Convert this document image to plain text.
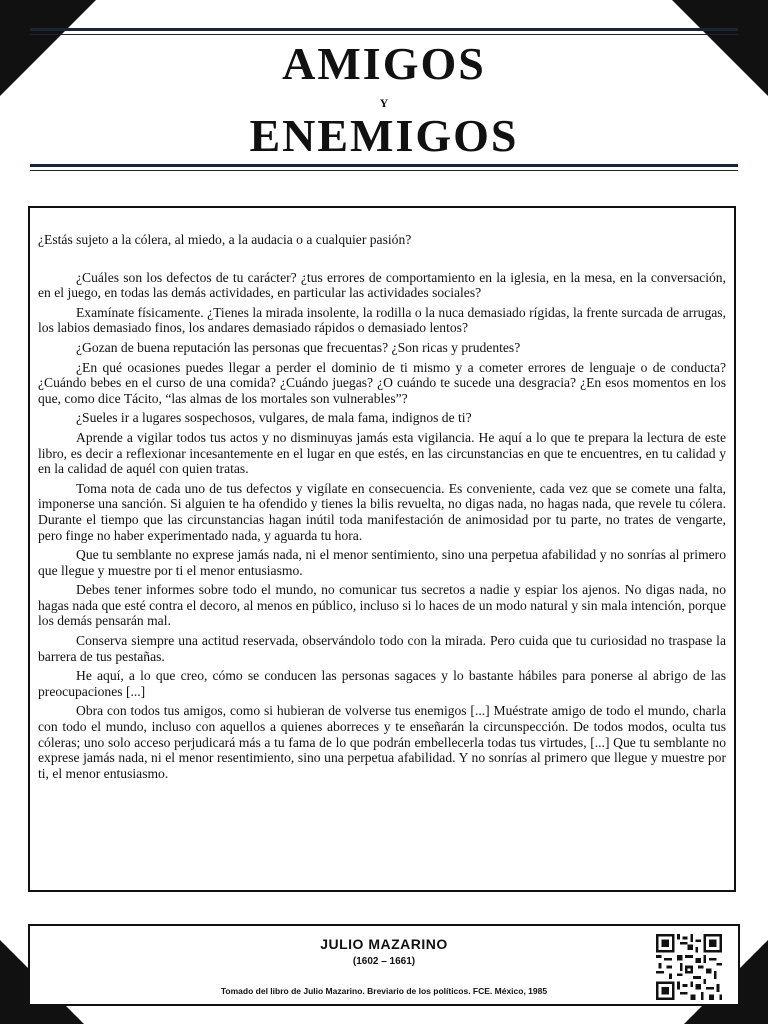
AMIGOS
Y
ENEMIGOS

¿Estás sujeto a la cólera, al miedo, a la audacia o a cualquier pasión?

¿Cuáles son los defectos de tu carácter? ¿tus errores de comportamiento en la iglesia, en la mesa, en la conversación, en el juego, en todas las demás actividades, en particular las actividades sociales?

Examínate físicamente. ¿Tienes la mirada insolente, la rodilla o la nuca demasiado rígidas, la frente surcada de arrugas, los labios demasiado finos, los andares demasiado rápidos o demasiado lentos?

¿Gozan de buena reputación las personas que frecuentas? ¿Son ricas y prudentes?

¿En qué ocasiones puedes llegar a perder el dominio de ti mismo y a cometer errores de lenguaje o de conducta? ¿Cuándo bebes en el curso de una comida? ¿Cuándo juegas? ¿O cuándo te sucede una desgracia? ¿En esos momentos en los que, como dice Tácito, “las almas de los mortales son vulnerables”?

¿Sueles ir a lugares sospechosos, vulgares, de mala fama, indignos de ti?

Aprende a vigilar todos tus actos y no disminuyas jamás esta vigilancia. He aquí a lo que te prepara la lectura de este libro, es decir a reflexionar incesantemente en el lugar en que estés, en las circunstancias en que te encuentres, en tu calidad y en la calidad de aquél con quien tratas.

Toma nota de cada uno de tus defectos y vigílate en consecuencia. Es conveniente, cada vez que se comete una falta, imponerse una sanción. Si alguien te ha ofendido y tienes la bilis revuelta, no digas nada, no hagas nada, que revele tu cólera. Durante el tiempo que las circunstancias hagan inútil toda manifestación de animosidad por tu parte, no trates de vengarte, pero finge no haber experimentado nada, y aguarda tu hora.

Que tu semblante no exprese jamás nada, ni el menor sentimiento, sino una perpetua afabilidad y no sonrías al primero que llegue y muestre por ti el menor entusiasmo.

Debes tener informes sobre todo el mundo, no comunicar tus secretos a nadie y espiar los ajenos. No digas nada, no hagas nada que esté contra el decoro, al menos en público, incluso si lo haces de un modo natural y sin mala intención, porque los demás pensarán mal.

Conserva siempre una actitud reservada, observándolo todo con la mirada. Pero cuida que tu curiosidad no traspase la barrera de tus pestañas.

He aquí, a lo que creo, cómo se conducen las personas sagaces y lo bastante hábiles para ponerse al abrigo de las preocupaciones [...]

Obra con todos tus amigos, como si hubieran de volverse tus enemigos [...] Muéstrate amigo de todo el mundo, charla con todo el mundo, incluso con aquellos a quienes aborreces y te enseñarán la circunspección. De todos modos, oculta tus cóleras; uno solo acceso perjudicará más a tu fama de lo que podrán embellecerla todas tus virtudes, [...] Que tu semblante no exprese jamás nada, ni el menor resentimiento, sino una perpetua afabilidad. Y no sonrías al primero que llegue y muestre por ti, el menor entusiasmo.

JULIO MAZARINO
(1602 – 1661)
Tomado del libro de Julio Mazarino. Breviario de los políticos. FCE. México, 1985
